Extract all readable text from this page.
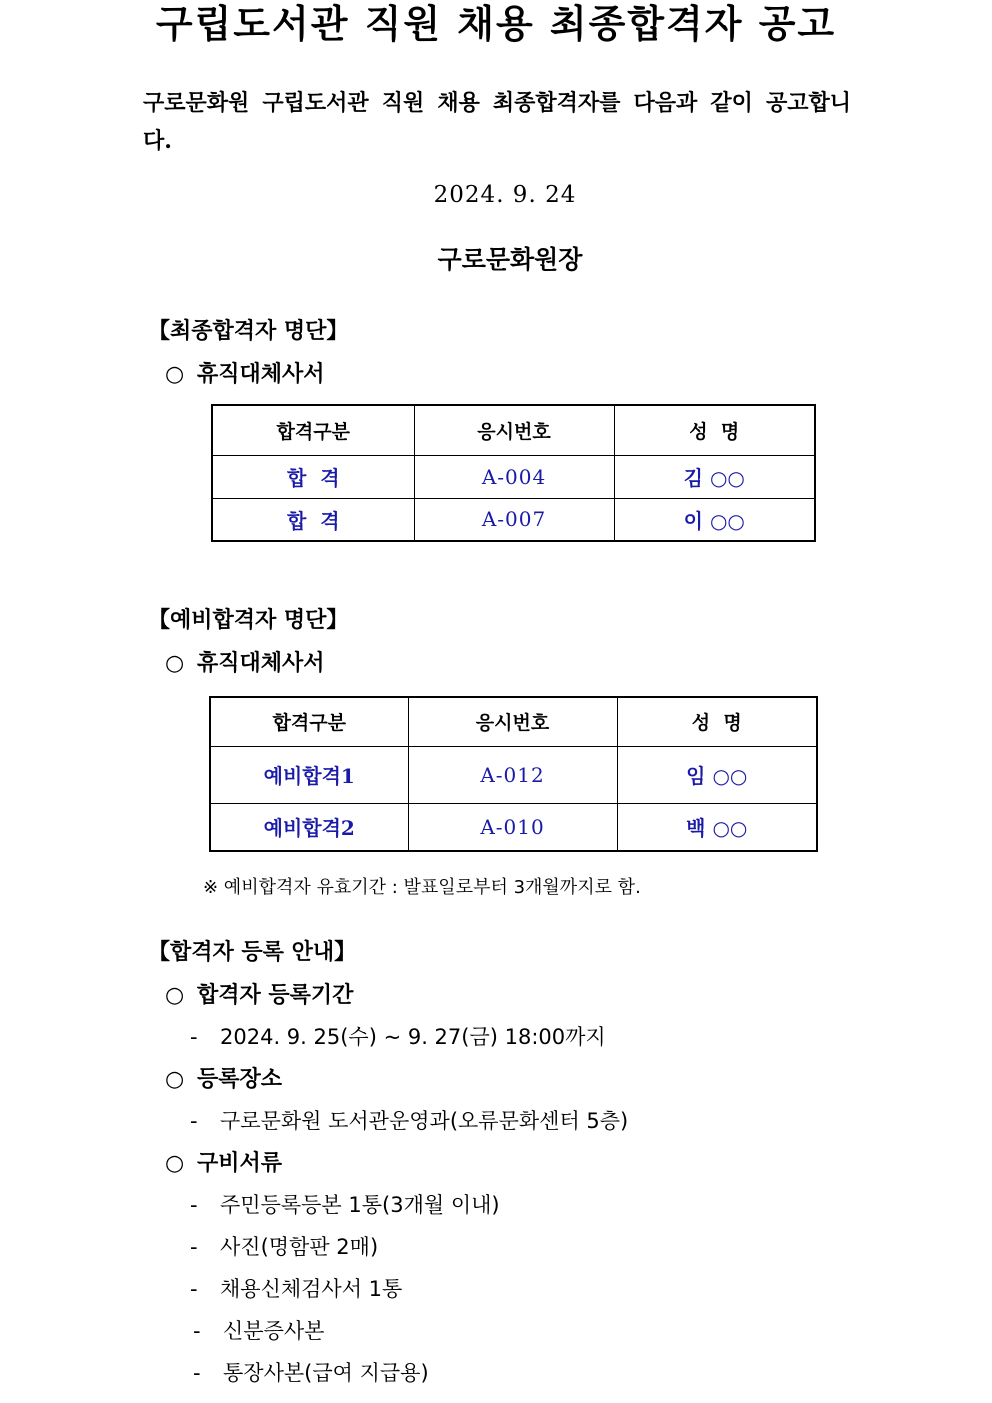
구립도서관 직원 채용 최종합격자 공고
구로문화원 구립도서관 직원 채용 최종합격자를 다음과 같이 공고합니다.
2024. 9. 24
구로문화원장
【최종합격자 명단】
○ 휴직대체사서
합격구분	응시번호	성  명
합  격	A-004	김 ○○
합  격	A-007	이 ○○
【예비합격자 명단】
○ 휴직대체사서
합격구분	응시번호	성  명
예비합격1	A-012	임 ○○
예비합격2	A-010	백 ○○
※ 예비합격자 유효기간 : 발표일로부터 3개월까지로 함.
【합격자 등록 안내】
○ 합격자 등록기간
- 2024. 9. 25(수) ~ 9. 27(금) 18:00까지
○ 등록장소
- 구로문화원 도서관운영과(오류문화센터 5층)
○ 구비서류
- 주민등록등본 1통(3개월 이내)
- 사진(명함판 2매)
- 채용신체검사서 1통
- 신분증사본
- 통장사본(급여 지급용)
